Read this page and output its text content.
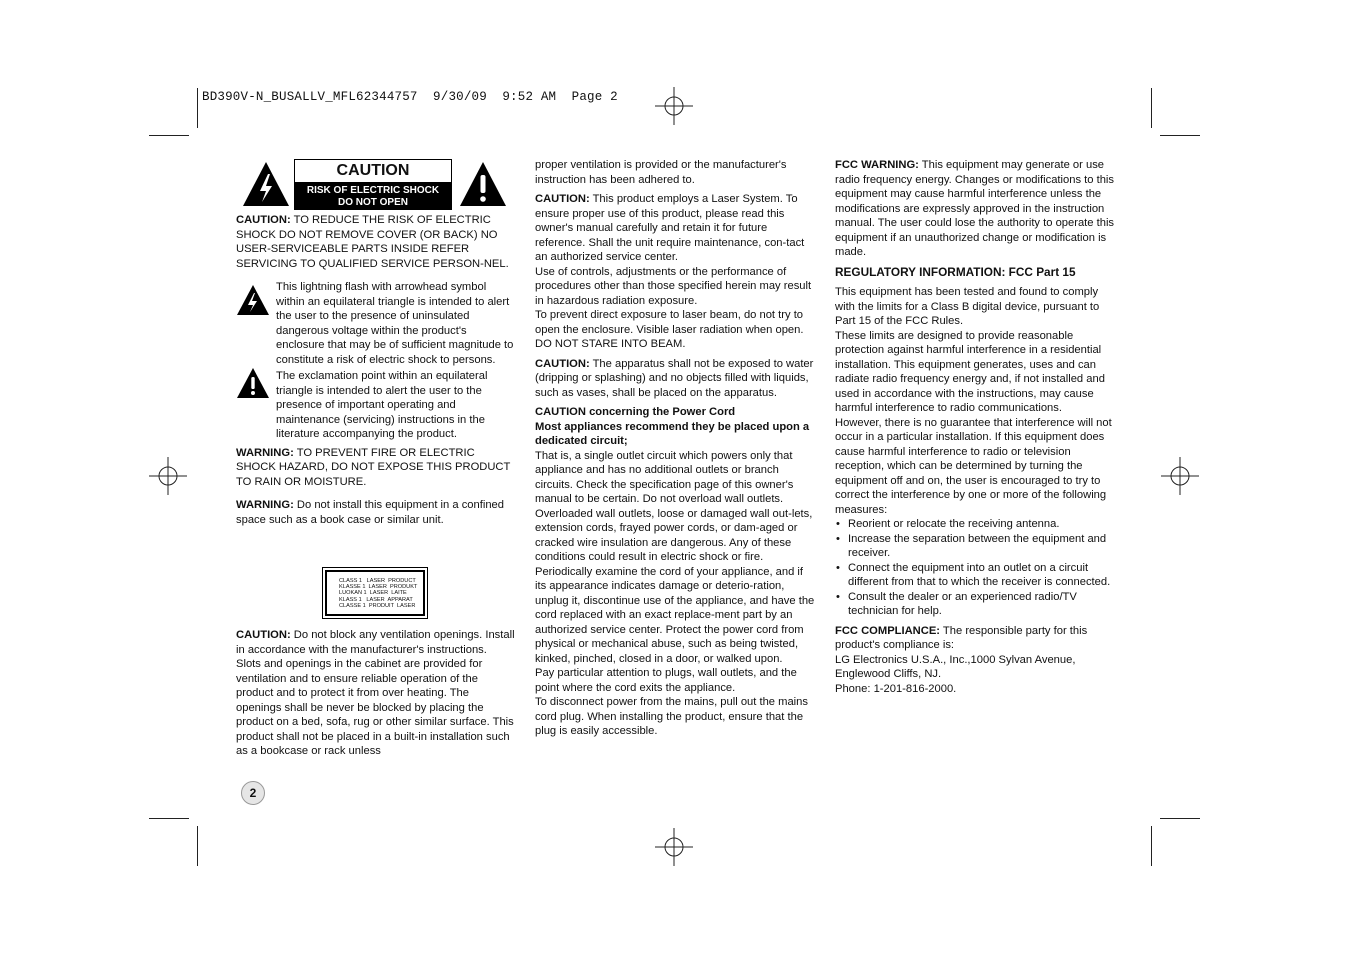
BD390V-N_BUSALLV_MFL62344757  9/30/09  9:52 AM  Page 2
CAUTION
RISK OF ELECTRIC SHOCK
DO NOT OPEN

CAUTION: TO REDUCE THE RISK OF ELECTRIC SHOCK DO NOT REMOVE COVER (OR BACK) NO USER-SERVICEABLE PARTS INSIDE REFER SERVICING TO QUALIFIED SERVICE PERSON-NEL.

This lightning flash with arrowhead symbol within an equilateral triangle is intended to alert the user to the presence of uninsulated dangerous voltage within the product's enclosure that may be of sufficient magnitude to constitute a risk of electric shock to persons.

The exclamation point within an equilateral triangle is intended to alert the user to the presence of important operating and maintenance (servicing) instructions in the literature accompanying the product.

WARNING: TO PREVENT FIRE OR ELECTRIC SHOCK HAZARD, DO NOT EXPOSE THIS PRODUCT TO RAIN OR MOISTURE.

WARNING: Do not install this equipment in a confined space such as a book case or similar unit.

CLASS 1   LASER  PRODUCT
KLASSE 1  LASER  PRODUKT
LUOKAN 1  LASER  LAITE
KLASS 1   LASER  APPARAT
CLASSE 1  PRODUIT  LASER

CAUTION: Do not block any ventilation openings. Install in accordance with the manufacturer's instructions.

Slots and openings in the cabinet are provided for ventilation and to ensure reliable operation of the product and to protect it from over heating. The openings shall be never be blocked by placing the product on a bed, sofa, rug or other similar surface. This product shall not be placed in a built-in installation such as a bookcase or rack unless

proper ventilation is provided or the manufacturer's instruction has been adhered to.

CAUTION: This product employs a Laser System. To ensure proper use of this product, please read this owner's manual carefully and retain it for future reference. Shall the unit require maintenance, con-tact an authorized service center.

Use of controls, adjustments or the performance of procedures other than those specified herein may result in hazardous radiation exposure.

To prevent direct exposure to laser beam, do not try to open the enclosure. Visible laser radiation when open. DO NOT STARE INTO BEAM.

CAUTION: The apparatus shall not be exposed to water (dripping or splashing) and no objects filled with liquids, such as vases, shall be placed on the apparatus.

CAUTION concerning the Power Cord

Most appliances recommend they be placed upon a dedicated circuit;

That is, a single outlet circuit which powers only that appliance and has no additional outlets or branch circuits. Check the specification page of this owner's manual to be certain. Do not overload wall outlets. Overloaded wall outlets, loose or damaged wall out-lets, extension cords, frayed power cords, or dam-aged or cracked wire insulation are dangerous. Any of these conditions could result in electric shock or fire. Periodically examine the cord of your appliance, and if its appearance indicates damage or deterio-ration, unplug it, discontinue use of the appliance, and have the cord replaced with an exact replace-ment part by an authorized service center. Protect the power cord from physical or mechanical abuse, such as being twisted, kinked, pinched, closed in a door, or walked upon.

Pay particular attention to plugs, wall outlets, and the point where the cord exits the appliance.

To disconnect power from the mains, pull out the mains cord plug. When installing the product, ensure that the plug is easily accessible.

FCC WARNING: This equipment may generate or use radio frequency energy. Changes or modifications to this equipment may cause harmful interference unless the modifications are expressly approved in the instruction manual. The user could lose the authority to operate this equipment if an unauthorized change or modification is made.

REGULATORY INFORMATION: FCC Part 15

This equipment has been tested and found to comply with the limits for a Class B digital device, pursuant to Part 15 of the FCC Rules.

These limits are designed to provide reasonable protection against harmful interference in a residential installation. This equipment generates, uses and can radiate radio frequency energy and, if not installed and used in accordance with the instructions, may cause harmful interference to radio communications.

However, there is no guarantee that interference will not occur in a particular installation. If this equipment does cause harmful interference to radio or television reception, which can be determined by turning the equipment off and on, the user is encouraged to try to correct the interference by one or more of the following measures:

• Reorient or relocate the receiving antenna.
• Increase the separation between the equipment and receiver.
• Connect the equipment into an outlet on a circuit different from that to which the receiver is connected.
• Consult the dealer or an experienced radio/TV technician for help.

FCC COMPLIANCE: The responsible party for this product's compliance is:

LG Electronics U.S.A., Inc.,1000 Sylvan Avenue,

Englewood Cliffs, NJ.

Phone: 1-201-816-2000.

2
